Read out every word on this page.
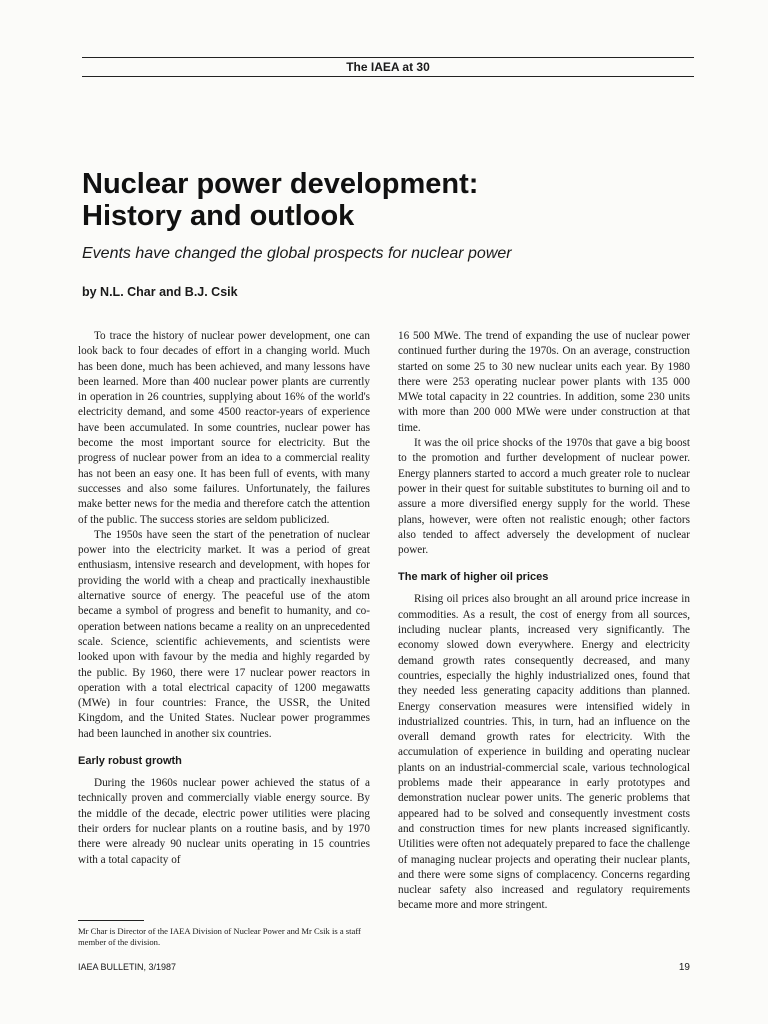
The IAEA at 30
Nuclear power development:
History and outlook

Events have changed the global prospects for nuclear power

by N.L. Char and B.J. Csik

To trace the history of nuclear power development, one can look back to four decades of effort in a changing world. Much has been done, much has been achieved, and many lessons have been learned. More than 400 nuclear power plants are currently in operation in 26 countries, supplying about 16% of the world's electricity demand, and some 4500 reactor-years of experience have been accumulated. In some countries, nuclear power has become the most important source for electricity. But the progress of nuclear power from an idea to a commercial reality has not been an easy one. It has been full of events, with many successes and also some failures. Unfortunately, the failures make better news for the media and therefore catch the attention of the public. The success stories are seldom publicized.

The 1950s have seen the start of the penetration of nuclear power into the electricity market. It was a period of great enthusiasm, intensive research and development, with hopes for providing the world with a cheap and practically inexhaustible alternative source of energy. The peaceful use of the atom became a symbol of progress and benefit to humanity, and co-operation between nations became a reality on an unprecedented scale. Science, scientific achievements, and scientists were looked upon with favour by the media and highly regarded by the public. By 1960, there were 17 nuclear power reactors in operation with a total electrical capacity of 1200 megawatts (MWe) in four countries: France, the USSR, the United Kingdom, and the United States. Nuclear power programmes had been launched in another six countries.

Early robust growth

During the 1960s nuclear power achieved the status of a technically proven and commercially viable energy source. By the middle of the decade, electric power utilities were placing their orders for nuclear plants on a routine basis, and by 1970 there were already 90 nuclear units operating in 15 countries with a total capacity of

16 500 MWe. The trend of expanding the use of nuclear power continued further during the 1970s. On an average, construction started on some 25 to 30 new nuclear units each year. By 1980 there were 253 operating nuclear power plants with 135 000 MWe total capacity in 22 countries. In addition, some 230 units with more than 200 000 MWe were under construction at that time.

It was the oil price shocks of the 1970s that gave a big boost to the promotion and further development of nuclear power. Energy planners started to accord a much greater role to nuclear power in their quest for suitable substitutes to burning oil and to assure a more diversified energy supply for the world. These plans, however, were often not realistic enough; other factors also tended to affect adversely the development of nuclear power.

The mark of higher oil prices

Rising oil prices also brought an all around price increase in commodities. As a result, the cost of energy from all sources, including nuclear plants, increased very significantly. The economy slowed down everywhere. Energy and electricity demand growth rates consequently decreased, and many countries, especially the highly industrialized ones, found that they needed less generating capacity additions than planned. Energy conservation measures were intensified widely in industrialized countries. This, in turn, had an influence on the overall demand growth rates for electricity. With the accumulation of experience in building and operating nuclear plants on an industrial-commercial scale, various technological problems made their appearance in early prototypes and demonstration nuclear power units. The generic problems that appeared had to be solved and consequently investment costs and construction times for new plants increased significantly. Utilities were often not adequately prepared to face the challenge of managing nuclear projects and operating their nuclear plants, and there were some signs of complacency. Concerns regarding nuclear safety also increased and regulatory requirements became more and more stringent.

Mr Char is Director of the IAEA Division of Nuclear Power and Mr Csik is a staff member of the division.

IAEA BULLETIN, 3/1987	19
